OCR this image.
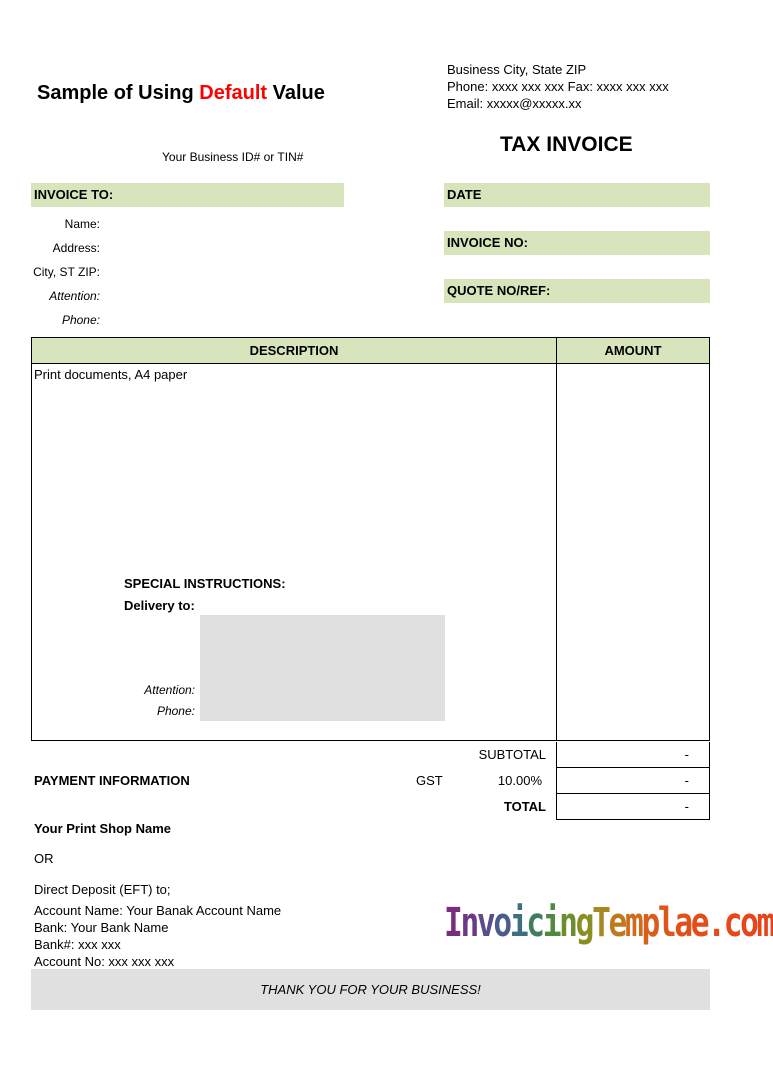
Sample of Using Default Value
Your Business ID# or TIN#
Business City, State ZIP
Phone: xxxx xxx xxx Fax: xxxx xxx xxx
Email: xxxxx@xxxxx.xx
TAX INVOICE
INVOICE TO:
Name:
Address:
City, ST ZIP:
Attention:
Phone:
DATE
INVOICE NO:
QUOTE NO/REF:
DESCRIPTION	AMOUNT
Print documents, A4 paper
SPECIAL INSTRUCTIONS:
Delivery to:
Attention:
Phone:
SUBTOTAL	-
GST	10.00%	-
TOTAL	-
PAYMENT INFORMATION
Your Print Shop Name
OR
Direct Deposit (EFT) to;
Account Name: Your Banak Account Name
Bank: Your Bank Name
Bank#: xxx xxx
Account No: xxx xxx xxx
InvoicingTemplae.com
THANK YOU FOR YOUR BUSINESS!
